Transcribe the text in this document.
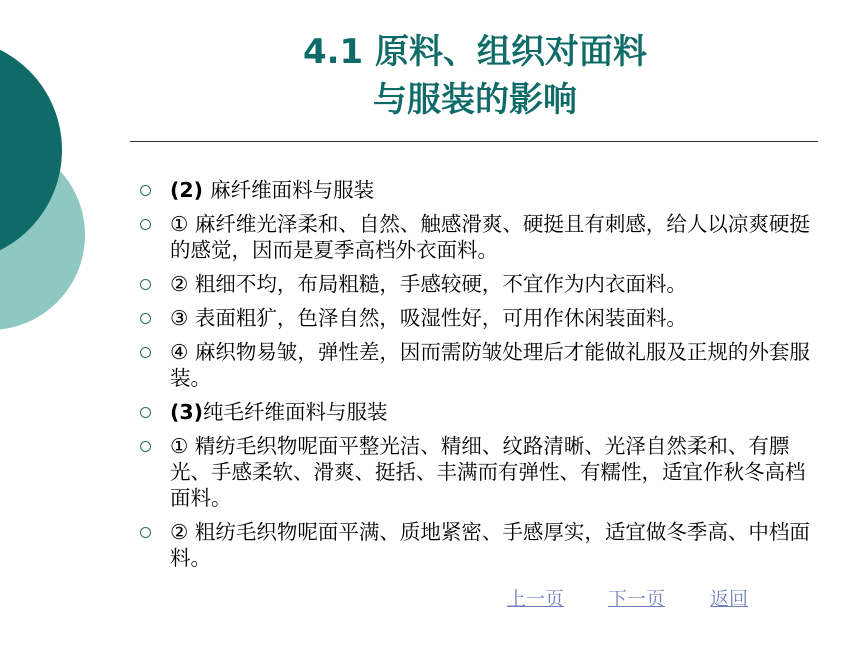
4.1 原料、组织对面料
与服装的影响
(2) 麻纤维面料与服装
① 麻纤维光泽柔和、自然、触感滑爽、硬挺且有刺感，给人以凉爽硬挺的感觉，因而是夏季高档外衣面料。
② 粗细不均，布局粗糙，手感较硬，不宜作为内衣面料。
③ 表面粗犷，色泽自然，吸湿性好，可用作休闲装面料。
④ 麻织物易皱，弹性差，因而需防皱处理后才能做礼服及正规的外套服装。
(3)纯毛纤维面料与服装
① 精纺毛织物呢面平整光洁、精细、纹路清晰、光泽自然柔和、有膘光、手感柔软、滑爽、挺括、丰满而有弹性、有糯性，适宜作秋冬高档面料。
② 粗纺毛织物呢面平满、质地紧密、手感厚实，适宜做冬季高、中档面料。
上一页 下一页 返回
